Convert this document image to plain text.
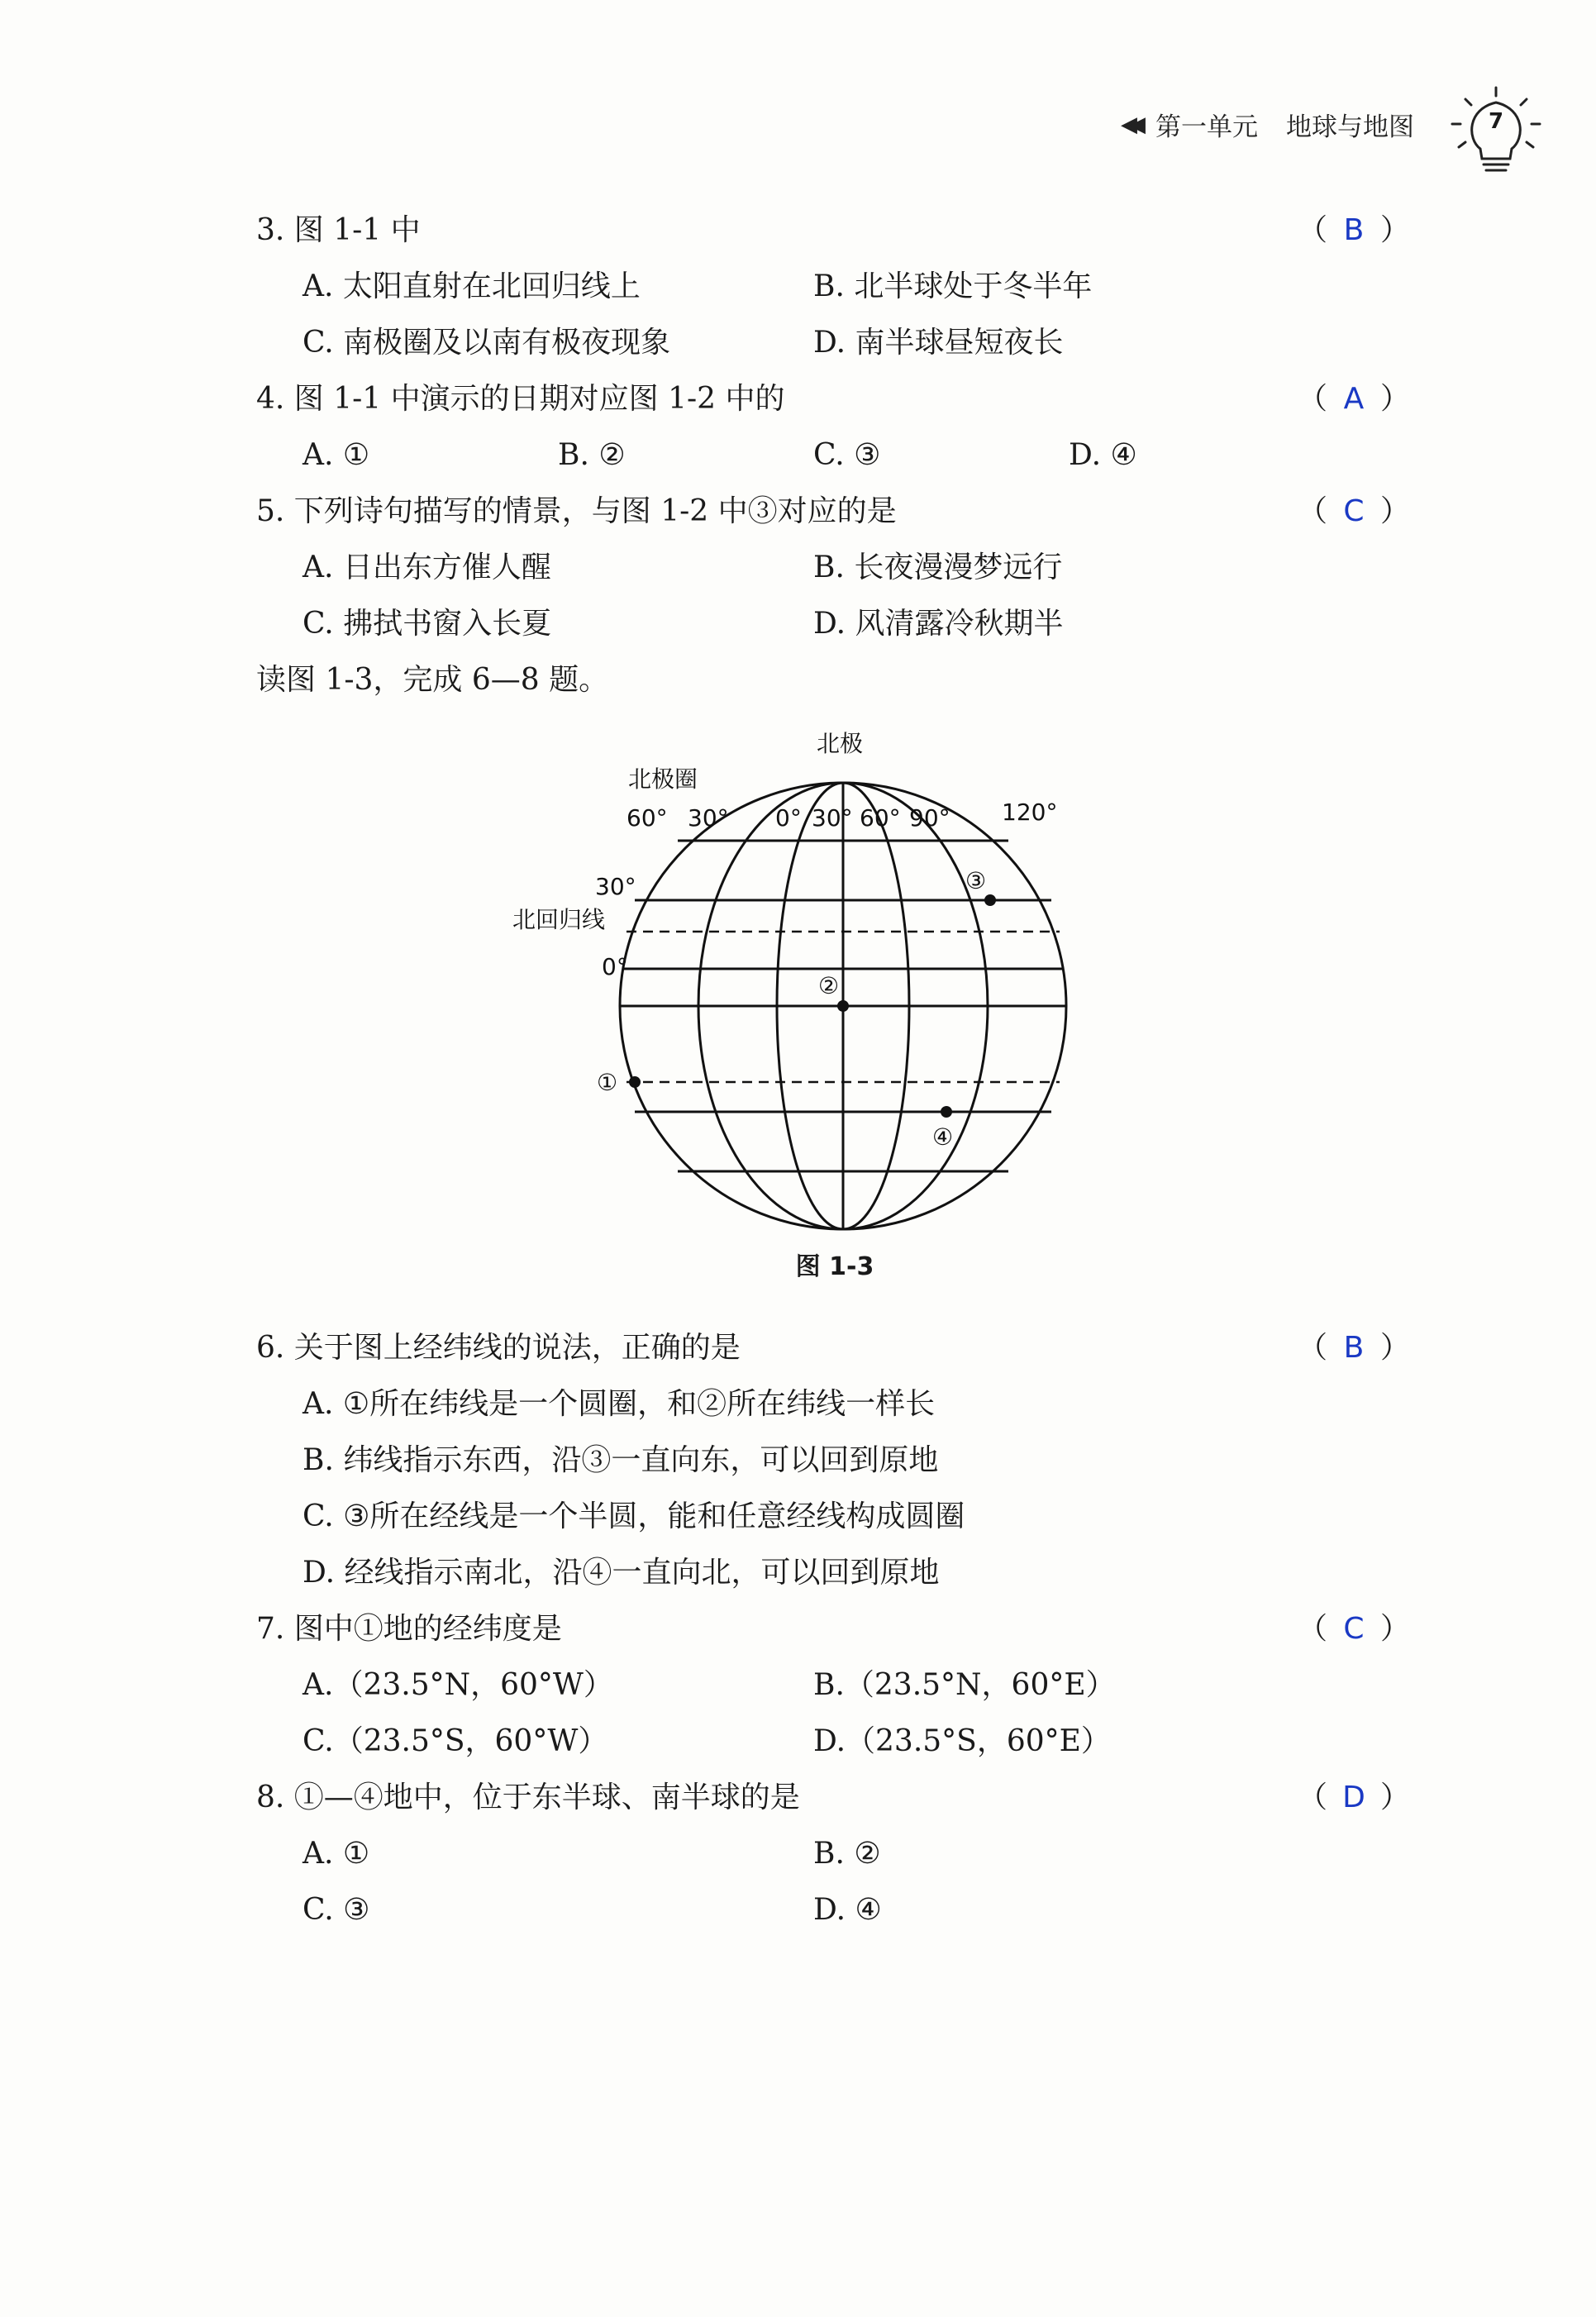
◀◀ 第一单元 地球与地图	7
3. 图 1-1 中	（ B ）
A. 太阳直射在北回归线上	B. 北半球处于冬半年
C. 南极圈及以南有极夜现象	D. 南半球昼短夜长
4. 图 1-1 中演示的日期对应图 1-2 中的	（ A ）
A. ①	B. ②	C. ③	D. ④
5. 下列诗句描写的情景，与图 1-2 中③对应的是	（ C ）
A. 日出东方催人醒	B. 长夜漫漫梦远行
C. 拂拭书窗入长夏	D. 风清露冷秋期半
读图 1-3，完成 6—8 题。
北极
北极圈
60° 30° 0° 30° 60° 90° 120°
30°
北回归线
0°
①
②
③
④
图 1-3
6. 关于图上经纬线的说法，正确的是	（ B ）
A. ①所在纬线是一个圆圈，和②所在纬线一样长
B. 纬线指示东西，沿③一直向东，可以回到原地
C. ③所在经线是一个半圆，能和任意经线构成圆圈
D. 经线指示南北，沿④一直向北，可以回到原地
7. 图中①地的经纬度是	（ C ）
A.（23.5°N，60°W）	B.（23.5°N，60°E）
C.（23.5°S，60°W）	D.（23.5°S，60°E）
8. ①—④地中，位于东半球、南半球的是	（ D ）
A. ①	B. ②
C. ③	D. ④
